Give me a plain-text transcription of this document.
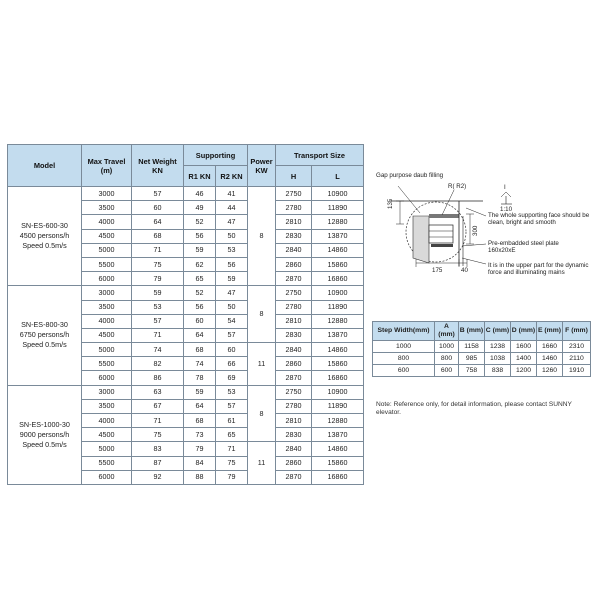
Model	Max Travel (m)	Net Weight KN	Supporting		Power KW	Transport Size	
			R1 KN	R2 KN		H	L

SN-ES-600-30
4500 persons/h
Speed 0.5m/s	3000	57	46	41	8	2750	10900
	3500	60	49	44		2780	11890
	4000	64	52	47		2810	12880
	4500	68	56	50		2830	13870
	5000	71	59	53		2840	14860
	5500	75	62	56		2860	15860
	6000	79	65	59		2870	16860

SN-ES-800-30
6750 persons/h
Speed 0.5m/s	3000	59	52	47	8	2750	10900
	3500	53	56	50		2780	11890
	4000	57	60	54		2810	12880
	4500	71	64	57		2830	13870
	5000	74	68	60	11	2840	14860
	5500	82	74	66		2860	15860
	6000	86	78	69		2870	16860

SN-ES-1000-30
9000 persons/h
Speed 0.5m/s	3000	63	59	53	8	2750	10900
	3500	67	64	57		2780	11890
	4000	71	68	61		2810	12880
	4500	75	73	65		2830	13870
	5000	83	79	71	11	2840	14860
	5500	87	84	75		2860	15860
	6000	92	88	79		2870	16860
Gap purpose daub filling
R( R2)	I
1:10
135
300
175	40
The whole supporting face should be clean, bright and smooth
Pre-embadded steel plate 160x20xE
It is in the upper part for the dynamic force and illuminating mains
Step Width(mm)	A (mm)	B (mm)	C (mm)	D (mm)	E (mm)	F (mm)
1000	1000	1158	1238	1600	1660	2310
800	800	985	1038	1400	1460	2110
600	600	758	838	1200	1260	1910
Note: Reference only, for detail information, please contact SUNNY elevator.
